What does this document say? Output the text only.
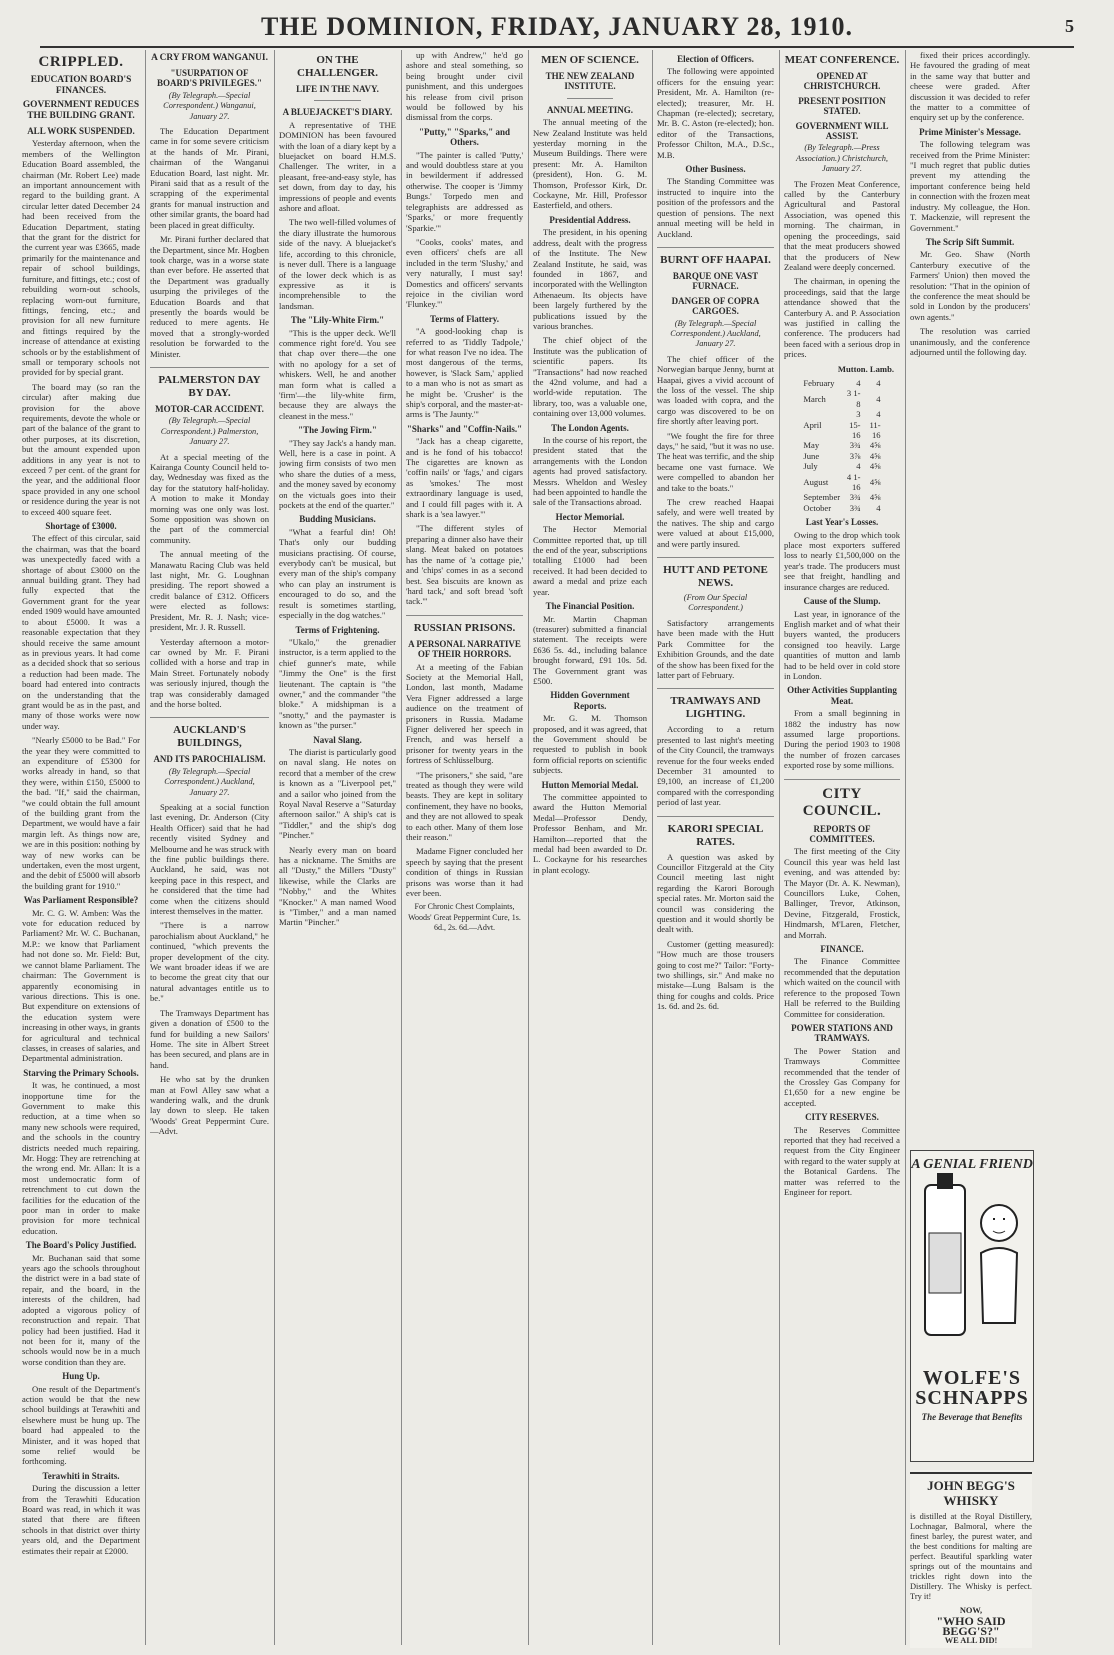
THE DOMINION, FRIDAY, JANUARY 28, 1910.	5
CRIPPLED.
EDUCATION BOARD'S FINANCES.
GOVERNMENT REDUCES THE BUILDING GRANT.
ALL WORK SUSPENDED.

Yesterday afternoon, when the members of the Wellington Education Board assembled, the chairman (Mr. Robert Lee) made an important announcement with regard to the building grant. A circular letter dated December 24 had been received from the Education Department, stating that the grant for the district for the current year was £3665, made primarily for the maintenance and repair of school buildings, furniture, and fittings, etc.; cost of rebuilding worn-out schools, replacing worn-out furniture, fittings, fencing, etc.; and provision for all new furniture and fittings required by the increase of attendance at existing schools or by the establishment of small or temporary schools not provided for by special grant.

The board may (so ran the circular) after making due provision for the above requirements, devote the whole or part of the balance of the grant to other purposes, at its discretion, but the amount expended upon additions in any year is not to exceed 7 per cent. of the grant for the year, and the additional floor space provided in any one school or residence during the year is not to exceed 400 square feet.

Shortage of £3000.

The effect of this circular, said the chairman, was that the board was unexpectedly faced with a shortage of about £3000 on the annual building grant. They had fully expected that the Government grant for the year ended 1909 would have amounted to about £5000. It was a reasonable expectation that they should receive the same amount as in previous years. It had come as a decided shock that so serious a reduction had been made. The board had entered into contracts on the understanding that the grant would be as in the past, and many of those works were now under way.

"Nearly £5000 to be Bad." For the year they were committed to an expenditure of £5300 for works already in hand, so that they were, within £150, £5000 to the bad. "If," said the chairman, "we could obtain the full amount of the building grant from the Department, we would have a fair margin left. As things now are, we are in this position: nothing by way of new works can be undertaken, even the most urgent, and the debit of £5000 will absorb the building grant for 1910."

Was Parliament Responsible?

Mr. C. G. W. Amben: Was the vote for education reduced by Parliament? Mr. W. C. Buchanan, M.P.: we know that Parliament had not done so. Mr. Field: But, we cannot blame Parliament. The chairman: The Government is apparently economising in various directions. This is one. But expenditure on extensions of the education system were increasing in other ways, in grants for agricultural and technical classes, in creases of salaries, and Departmental administration.

Starving the Primary Schools.

It was, he continued, a most inopportune time for the Government to make this reduction, at a time when so many new schools were required, and the schools in the country districts needed much repairing. Mr. Hogg: They are retrenching at the wrong end. Mr. Allan: It is a most undemocratic form of retrenchment to cut down the facilities for the education of the poor man in order to make provision for more technical education.

The Board's Policy Justified.

Mr. Buchanan said that some years ago the schools throughout the district were in a bad state of repair, and the board, in the interests of the children, had adopted a vigorous policy of reconstruction and repair. That policy had been justified. Had it not been for it, many of the schools would now be in a much worse condition than they are.

Hung Up.

One result of the Department's action would be that the new school buildings at Terawhiti and elsewhere must be hung up. The board had appealed to the Minister, and it was hoped that some relief would be forthcoming.

Terawhiti in Straits.

During the discussion a letter from the Terawhiti Education Board was read, in which it was stated that there are fifteen schools in that district over thirty years old, and the Department estimates their repair at £2000.

A CRY FROM WANGANUI.
"USURPATION OF BOARD'S PRIVILEGES."
(By Telegraph.—Special Correspondent.) Wanganui, January 27.

The Education Department came in for some severe criticism at the hands of Mr. Pirani, chairman of the Wanganui Education Board, last night. Mr. Pirani said that as a result of the scrapping of the experimental grants for manual instruction and other similar grants, the board had been placed in great difficulty.

Mr. Pirani further declared that the Department, since Mr. Hogben took charge, was in a worse state than ever before. He asserted that the Department was gradually usurping the privileges of the Education Boards and that presently the boards would be reduced to mere agents. He moved that a strongly-worded resolution be forwarded to the Minister.

PALMERSTON DAY BY DAY.
MOTOR-CAR ACCIDENT.
(By Telegraph.—Special Correspondent.) Palmerston, January 27.

At a special meeting of the Kairanga County Council held to-day, Wednesday was fixed as the day for the statutory half-holiday. A motion to make it Monday morning was one only was lost. Some opposition was shown on the part of the commercial community.

The annual meeting of the Manawatu Racing Club was held last night, Mr. G. Loughnan presiding. The report showed a credit balance of £312. Officers were elected as follows: President, Mr. R. J. Nash; vice-president, Mr. J. R. Russell.

Yesterday afternoon a motor-car owned by Mr. F. Pirani collided with a horse and trap in Main Street. Fortunately nobody was seriously injured, though the trap was considerably damaged and the horse bolted.

AUCKLAND'S BUILDINGS,
AND ITS PAROCHIALISM.
(By Telegraph.—Special Correspondent.) Auckland, January 27.

Speaking at a social function last evening, Dr. Anderson (City Health Officer) said that he had recently visited Sydney and Melbourne and he was struck with the fine public buildings there. Auckland, he said, was not keeping pace in this respect, and he considered that the time had come when the citizens should interest themselves in the matter.

"There is a narrow parochialism about Auckland," he continued, "which prevents the proper development of the city. We want broader ideas if we are to become the great city that our natural advantages entitle us to be."

The Tramways Department has given a donation of £500 to the fund for building a new Sailors' Home. The site in Albert Street has been secured, and plans are in hand.

He who sat by the drunken man at Fowl Alley saw what a wandering walk, and the drunk lay down to sleep. He taken 'Woods' Great Peppermint Cure.—Advt.

ON THE CHALLENGER.
LIFE IN THE NAVY.
A BLUEJACKET'S DIARY.

A representative of THE DOMINION has been favoured with the loan of a diary kept by a bluejacket on board H.M.S. Challenger. The writer, in a pleasant, free-and-easy style, has set down, from day to day, his impressions of people and events ashore and afloat.

The two well-filled volumes of the diary illustrate the humorous side of the navy. A bluejacket's life, according to this chronicle, is never dull. There is a language of the lower deck which is as expressive as it is incomprehensible to the landsman.

The "Lily-White Firm."

"This is the upper deck. We'll commence right fore'd. You see that chap over there—the one with no apology for a set of whiskers. Well, he and another man form what is called a 'firm'—the lily-white firm, because they are always the cleanest in the mess."

"The Jowing Firm."

"They say Jack's a handy man. Well, here is a case in point. A jowing firm consists of two men who share the duties of a mess, and the money saved by economy on the victuals goes into their pockets at the end of the quarter."

Budding Musicians.

"What a fearful din! Oh! That's only our budding musicians practising. Of course, everybody can't be musical, but every man of the ship's company who can play an instrument is encouraged to do so, and the result is sometimes startling, especially in the dog watches."

Terms of Frightening.

"Ukalo," the grenadier instructor, is a term applied to the chief gunner's mate, while "Jimmy the One" is the first lieutenant. The captain is "the owner," and the commander "the bloke." A midshipman is a "snotty," and the paymaster is known as "the purser."

Naval Slang.

The diarist is particularly good on naval slang. He notes on record that a member of the crew is known as a "Liverpool pet," and a sailor who joined from the Royal Naval Reserve a "Saturday afternoon sailor." A ship's cat is "Tiddler," and the ship's dog "Pincher."

Nearly every man on board has a nickname. The Smiths are all "Dusty," the Millers "Dusty" likewise, while the Clarks are "Nobby," and the Whites "Knocker." A man named Wood is "Timber," and a man named Martin "Pincher."

up with Andrew," he'd go ashore and steal something, so being brought under civil punishment, and this undergoes his release from civil prison would be followed by his dismissal from the corps.

"Putty," "Sparks," and Others.

"The painter is called 'Putty,' and would doubtless stare at you in bewilderment if addressed otherwise. The cooper is 'Jimmy Bungs.' Torpedo men and telegraphists are addressed as 'Sparks,' or more frequently 'Sparkie.'"

"Cooks, cooks' mates, and even officers' chefs are all included in the term 'Slushy,' and very naturally, I must say! Domestics and officers' servants rejoice in the civilian word 'Flunkey.'"

Terms of Flattery.

"A good-looking chap is referred to as 'Tiddly Tadpole,' for what reason I've no idea. The most dangerous of the terms, however, is 'Slack Sam,' applied to a man who is not as smart as he might be. 'Crusher' is the ship's corporal, and the master-at-arms is 'The Jaunty.'"

"Sharks" and "Coffin-Nails."

"Jack has a cheap cigarette, and is he fond of his tobacco! The cigarettes are known as 'coffin nails' or 'fags,' and cigars as 'smokes.' The most extraordinary language is used, and I could fill pages with it. A shark is a 'sea lawyer.'"

"The different styles of preparing a dinner also have their slang. Meat baked on potatoes has the name of 'a cottage pie,' and 'chips' comes in as a second best. Sea biscuits are known as 'hard tack,' and soft bread 'soft tack.'"

RUSSIAN PRISONS.
A PERSONAL NARRATIVE OF THEIR HORRORS.

At a meeting of the Fabian Society at the Memorial Hall, London, last month, Madame Vera Figner addressed a large audience on the treatment of prisoners in Russia. Madame Figner delivered her speech in French, and was herself a prisoner for twenty years in the fortress of Schlüsselburg.

"The prisoners," she said, "are treated as though they were wild beasts. They are kept in solitary confinement, they have no books, and they are not allowed to speak to each other. Many of them lose their reason."

Madame Figner concluded her speech by saying that the present condition of things in Russian prisons was worse than it had ever been.

For Chronic Chest Complaints, Woods' Great Peppermint Cure, 1s. 6d., 2s. 6d.—Advt.

MEN OF SCIENCE.
THE NEW ZEALAND INSTITUTE.
ANNUAL MEETING.

The annual meeting of the New Zealand Institute was held yesterday morning in the Museum Buildings. There were present: Mr. A. Hamilton (president), Hon. G. M. Thomson, Professor Kirk, Dr. Cockayne, Mr. Hill, Professor Easterfield, and others.

Presidential Address.

The president, in his opening address, dealt with the progress of the Institute. The New Zealand Institute, he said, was founded in 1867, and incorporated with the Wellington Athenaeum. Its objects have been largely furthered by the publications issued by the various branches.

The chief object of the Institute was the publication of scientific papers. Its "Transactions" had now reached the 42nd volume, and had a world-wide reputation. The library, too, was a valuable one, containing over 13,000 volumes.

The London Agents.

In the course of his report, the president stated that the arrangements with the London agents had proved satisfactory. Messrs. Wheldon and Wesley had been appointed to handle the sale of the Transactions abroad.

Hector Memorial.

The Hector Memorial Committee reported that, up till the end of the year, subscriptions totalling £1000 had been received. It had been decided to award a medal and prize each year.

The Financial Position.

Mr. Martin Chapman (treasurer) submitted a financial statement. The receipts were £636 5s. 4d., including balance brought forward, £91 10s. 5d. The Government grant was £500.

Hidden Government Reports.

Mr. G. M. Thomson proposed, and it was agreed, that the Government should be requested to publish in book form official reports on scientific subjects.

Hutton Memorial Medal.

The committee appointed to award the Hutton Memorial Medal—Professor Dendy, Professor Benham, and Mr. Hamilton—reported that the medal had been awarded to Dr. L. Cockayne for his researches in plant ecology.

Election of Officers.

The following were appointed officers for the ensuing year: President, Mr. A. Hamilton (re-elected); treasurer, Mr. H. Chapman (re-elected); secretary, Mr. B. C. Aston (re-elected); hon. editor of the Transactions, Professor Chilton, M.A., D.Sc., M.B.

Other Business.

The Standing Committee was instructed to inquire into the position of the professors and the question of pensions. The next annual meeting will be held in Auckland.

BURNT OFF HAAPAI.
BARQUE ONE VAST FURNACE.
DANGER OF COPRA CARGOES.
(By Telegraph.—Special Correspondent.) Auckland, January 27.

The chief officer of the Norwegian barque Jenny, burnt at Haapai, gives a vivid account of the loss of the vessel. The ship was loaded with copra, and the cargo was discovered to be on fire shortly after leaving port.

"We fought the fire for three days," he said, "but it was no use. The heat was terrific, and the ship became one vast furnace. We were compelled to abandon her and take to the boats."

The crew reached Haapai safely, and were well treated by the natives. The ship and cargo were valued at about £15,000, and were partly insured.

HUTT AND PETONE NEWS.
(From Our Special Correspondent.)

Satisfactory arrangements have been made with the Hutt Park Committee for the Exhibition Grounds, and the date of the show has been fixed for the latter part of February.

TRAMWAYS AND LIGHTING.

According to a return presented to last night's meeting of the City Council, the tramways revenue for the four weeks ended December 31 amounted to £9,100, an increase of £1,200 compared with the corresponding period of last year.

KARORI SPECIAL RATES.

A question was asked by Councillor Fitzgerald at the City Council meeting last night regarding the Karori Borough special rates. Mr. Morton said the council was considering the question and it would shortly be dealt with.

Customer (getting measured): "How much are those trousers going to cost me?" Tailor: "Forty-two shillings, sir." And make no mistake—Lung Balsam is the thing for coughs and colds. Price 1s. 6d. and 2s. 6d.

MEAT CONFERENCE.
OPENED AT CHRISTCHURCH.
PRESENT POSITION STATED.
GOVERNMENT WILL ASSIST.
(By Telegraph.—Press Association.) Christchurch, January 27.

The Frozen Meat Conference, called by the Canterbury Agricultural and Pastoral Association, was opened this morning. The chairman, in opening the proceedings, said that the meat producers showed that the producers of New Zealand were deeply concerned.

The chairman, in opening the proceedings, said that the large attendance showed that the Canterbury A. and P. Association was justified in calling the conference. The producers had been faced with a serious drop in prices.

Mutton. Lamb.
February	4	4
March	3 1-8	4
April	3 15-16	4 11-16
May	3¾	4⅝
June	3⅞	4⅝
July	4	4⅝
August	4 1-16	4⅝
September	3¾	4⅝
October	3¾	4
Last Year's Losses.

Owing to the drop which took place most exporters suffered loss to nearly £1,500,000 on the year's trade. The producers must see that freight, handling and insurance charges are reduced.

Cause of the Slump.

Last year, in ignorance of the English market and of what their buyers wanted, the producers consigned too heavily. Large quantities of mutton and lamb had to be held over in cold store in London.

Other Activities Supplanting Meat.

From a small beginning in 1882 the industry has now assumed large proportions. During the period 1903 to 1908 the number of frozen carcases exported rose by some millions.

CITY COUNCIL.
REPORTS OF COMMITTEES.

The first meeting of the City Council this year was held last evening, and was attended by: The Mayor (Dr. A. K. Newman), Councillors Luke, Cohen, Ballinger, Trevor, Atkinson, Devine, Fitzgerald, Frostick, Hindmarsh, M'Laren, Fletcher, and Morrah.

FINANCE.

The Finance Committee recommended that the deputation which waited on the council with reference to the proposed Town Hall be referred to the Building Committee for consideration.

POWER STATIONS AND TRAMWAYS.

The Power Station and Tramways Committee recommended that the tender of the Crossley Gas Company for £1,650 for a new engine be accepted.

CITY RESERVES.

The Reserves Committee reported that they had received a request from the City Engineer with regard to the water supply at the Botanical Gardens. The matter was referred to the Engineer for report.

fixed their prices accordingly. He favoured the grading of meat in the same way that butter and cheese were graded. After discussion it was decided to refer the matter to a committee of enquiry set up by the conference.

Prime Minister's Message.

The following telegram was received from the Prime Minister: "I much regret that public duties prevent my attending the important conference being held in connection with the frozen meat industry. My colleague, the Hon. T. Mackenzie, will represent the Government."

The Scrip Sift Summit.

Mr. Geo. Shaw (North Canterbury executive of the Farmers' Union) then moved the resolution: "That in the opinion of the conference the meat should be sold in London by the producers' own agents."

The resolution was carried unanimously, and the conference adjourned until the following day.

A GENIAL FRIEND
WOLFE'S SCHNAPPS
The Beverage that Benefits
JOHN BEGG'S WHISKY
is distilled at the Royal Distillery, Lochnagar, Balmoral, where the finest barley, the purest water, and the best conditions for malting are perfect. Beautiful sparkling water springs out of the mountains and trickles right down into the Distillery. The Whisky is perfect. Try it!
NOW,
"WHO SAID BEGG'S?"
WE ALL DID!
